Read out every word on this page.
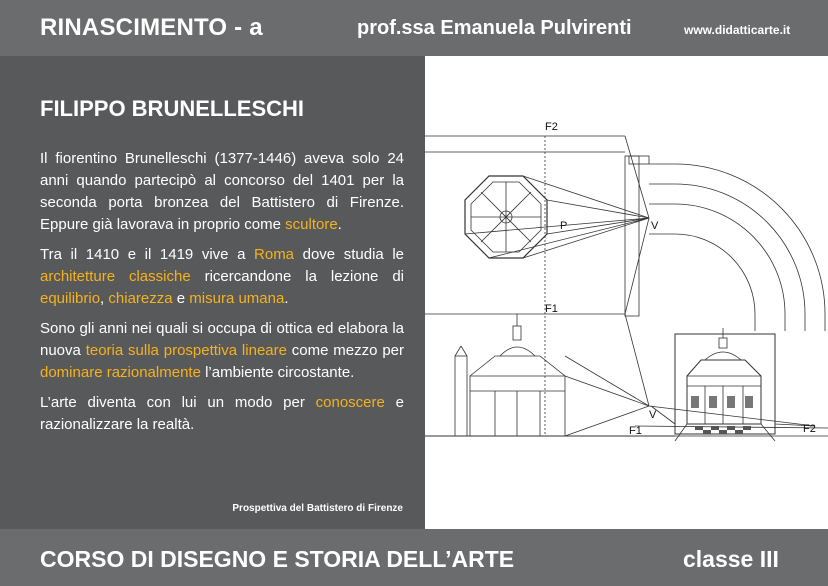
RINASCIMENTO - a	prof.ssa Emanuela Pulvirenti	www.didatticarte.it
FILIPPO BRUNELLESCHI

Il fiorentino Brunelleschi (1377-1446) aveva solo 24 anni quando partecipò al concorso del 1401 per la seconda porta bronzea del Battistero di Firenze. Eppure già lavorava in proprio come scultore.

Tra il 1410 e il 1419 vive a Roma dove studia le architetture classiche ricercandone la lezione di equilibrio, chiarezza e misura umana.

Sono gli anni nei quali si occupa di ottica ed elabora la nuova teoria sulla prospettiva lineare come mezzo per dominare razionalmente l’ambiente circostante.

L’arte diventa con lui un modo per conoscere e razionalizzare la realtà.

Prospettiva del Battistero di Firenze
F2
P	V
F1
V
F1	F2
CORSO DI DISEGNO E STORIA DELL’ARTE	classe III
